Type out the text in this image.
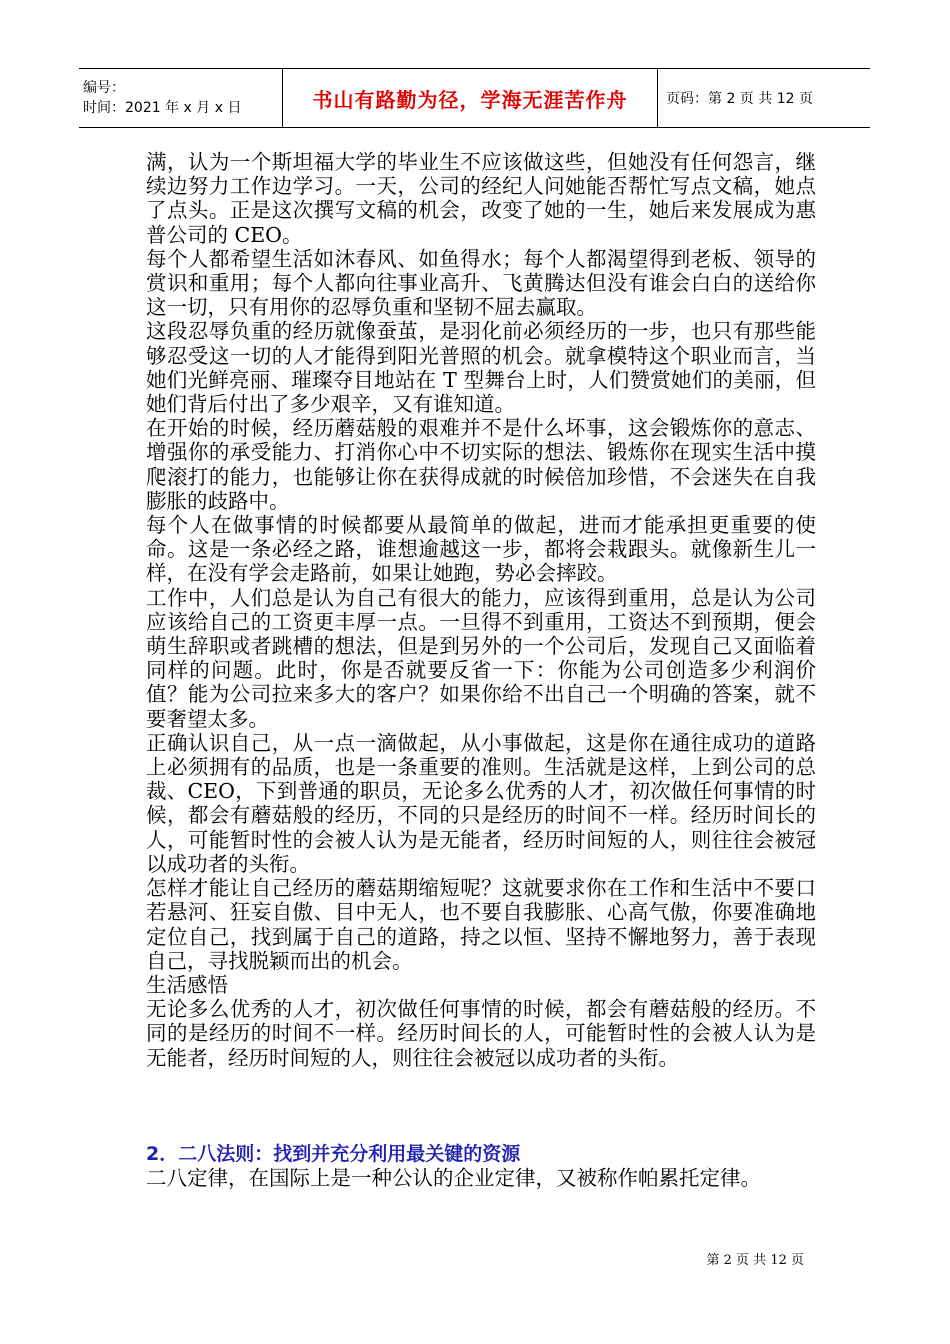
编号：
时间：2021 年 x 月 x 日	书山有路勤为径，学海无涯苦作舟	页码：第 2 页 共 12 页

满，认为一个斯坦福大学的毕业生不应该做这些，但她没有任何怨言，继续边努力工作边学习。一天，公司的经纪人问她能否帮忙写点文稿，她点了点头。正是这次撰写文稿的机会，改变了她的一生，她后来发展成为惠普公司的 CEO。

每个人都希望生活如沐春风、如鱼得水；每个人都渴望得到老板、领导的赏识和重用；每个人都向往事业高升、飞黄腾达但没有谁会白白的送给你这一切，只有用你的忍辱负重和坚韧不屈去赢取。

这段忍辱负重的经历就像蚕茧，是羽化前必须经历的一步，也只有那些能够忍受这一切的人才能得到阳光普照的机会。就拿模特这个职业而言，当她们光鲜亮丽、璀璨夺目地站在 T 型舞台上时，人们赞赏她们的美丽，但她们背后付出了多少艰辛，又有谁知道。

在开始的时候，经历蘑菇般的艰难并不是什么坏事，这会锻炼你的意志、增强你的承受能力、打消你心中不切实际的想法、锻炼你在现实生活中摸爬滚打的能力，也能够让你在获得成就的时候倍加珍惜，不会迷失在自我膨胀的歧路中。

每个人在做事情的时候都要从最简单的做起，进而才能承担更重要的使命。这是一条必经之路，谁想逾越这一步，都将会栽跟头。就像新生儿一样，在没有学会走路前，如果让她跑，势必会摔跤。

工作中，人们总是认为自己有很大的能力，应该得到重用，总是认为公司应该给自己的工资更丰厚一点。一旦得不到重用，工资达不到预期，便会萌生辞职或者跳槽的想法，但是到另外的一个公司后，发现自己又面临着同样的问题。此时，你是否就要反省一下：你能为公司创造多少利润价值？能为公司拉来多大的客户？如果你给不出自己一个明确的答案，就不要奢望太多。

正确认识自己，从一点一滴做起，从小事做起，这是你在通往成功的道路上必须拥有的品质，也是一条重要的准则。生活就是这样，上到公司的总裁、CEO，下到普通的职员，无论多么优秀的人才，初次做任何事情的时候，都会有蘑菇般的经历，不同的只是经历的时间不一样。经历时间长的人，可能暂时性的会被人认为是无能者，经历时间短的人，则往往会被冠以成功者的头衔。

怎样才能让自己经历的蘑菇期缩短呢？这就要求你在工作和生活中不要口若悬河、狂妄自傲、目中无人，也不要自我膨胀、心高气傲，你要准确地定位自己，找到属于自己的道路，持之以恒、坚持不懈地努力，善于表现自己，寻找脱颖而出的机会。

生活感悟

无论多么优秀的人才，初次做任何事情的时候，都会有蘑菇般的经历。不同的是经历的时间不一样。经历时间长的人，可能暂时性的会被人认为是无能者，经历时间短的人，则往往会被冠以成功者的头衔。

2．二八法则：找到并充分利用最关键的资源

二八定律，在国际上是一种公认的企业定律，又被称作帕累托定律。

第 2 页 共 12 页
